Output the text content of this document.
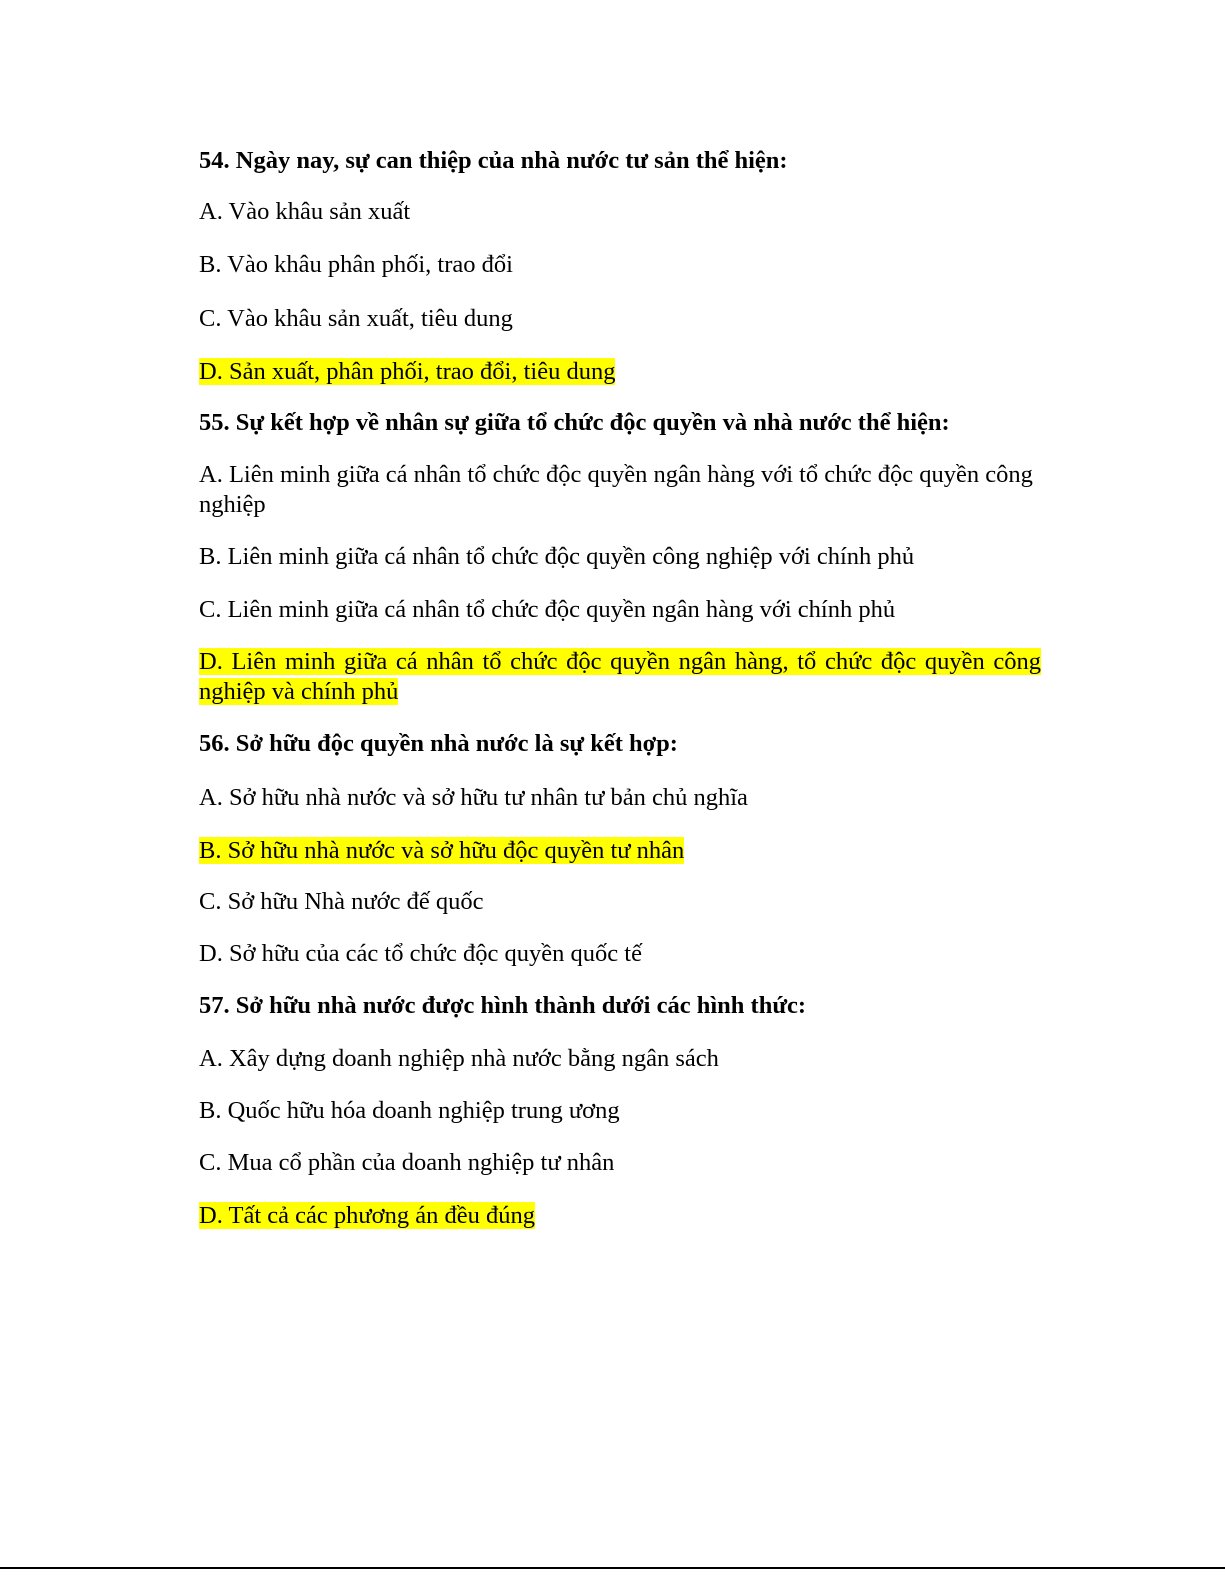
54. Ngày nay, sự can thiệp của nhà nước tư sản thể hiện:

A. Vào khâu sản xuất

B. Vào khâu phân phối, trao đổi

C. Vào khâu sản xuất, tiêu dung

D. Sản xuất, phân phối, trao đổi, tiêu dung

55. Sự kết hợp về nhân sự giữa tổ chức độc quyền và nhà nước thể hiện:

A. Liên minh giữa cá nhân tổ chức độc quyền ngân hàng với tổ chức độc quyền công nghiệp

B. Liên minh giữa cá nhân tổ chức độc quyền công nghiệp với chính phủ

C. Liên minh giữa cá nhân tổ chức độc quyền ngân hàng với chính phủ

D. Liên minh giữa cá nhân tổ chức độc quyền ngân hàng, tổ chức độc quyền công nghiệp và chính phủ

56. Sở hữu độc quyền nhà nước là sự kết hợp:

A. Sở hữu nhà nước và sở hữu tư nhân tư bản chủ nghĩa

B. Sở hữu nhà nước và sở hữu độc quyền tư nhân

C. Sở hữu Nhà nước đế quốc

D. Sở hữu của các tổ chức độc quyền quốc tế

57. Sở hữu nhà nước được hình thành dưới các hình thức:

A. Xây dựng doanh nghiệp nhà nước bằng ngân sách

B. Quốc hữu hóa doanh nghiệp trung ương

C. Mua cổ phần của doanh nghiệp tư nhân

D. Tất cả các phương án đều đúng
